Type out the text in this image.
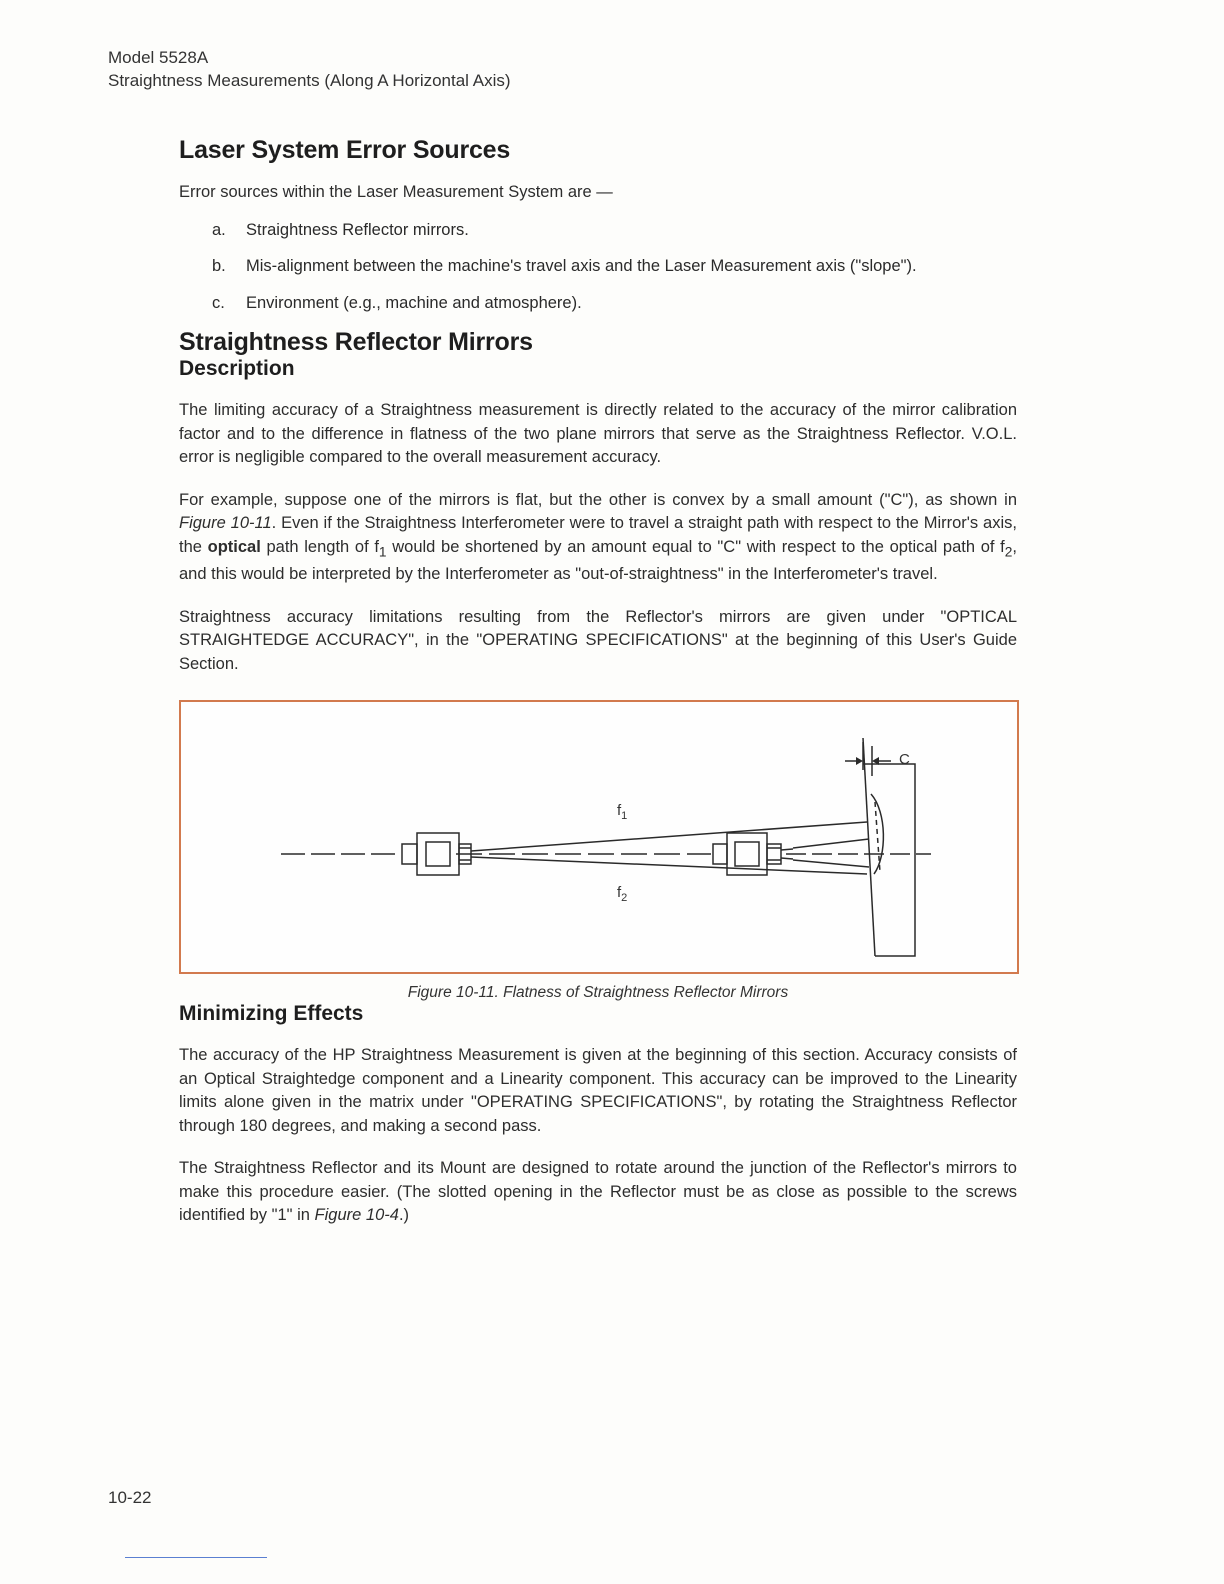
Model 5528A
Straightness Measurements (Along A Horizontal Axis)
Laser System Error Sources

Error sources within the Laser Measurement System are —

a.	Straightness Reflector mirrors.
b.	Mis-alignment between the machine's travel axis and the Laser Measurement axis ("slope").
c.	Environment (e.g., machine and atmosphere).
Straightness Reflector Mirrors
Description

The limiting accuracy of a Straightness measurement is directly related to the accuracy of the mirror calibration factor and to the difference in flatness of the two plane mirrors that serve as the Straightness Reflector. V.O.L. error is negligible compared to the overall measurement accuracy.

For example, suppose one of the mirrors is flat, but the other is convex by a small amount ("C"), as shown in Figure 10-11. Even if the Straightness Interferometer were to travel a straight path with respect to the Mirror's axis, the optical path length of $f_1$ would be shortened by an amount equal to "C" with respect to the optical path of $f_2$, and this would be interpreted by the Interferometer as "out-of-straightness" in the Interferometer's travel.

Straightness accuracy limitations resulting from the Reflector's mirrors are given under "OPTICAL STRAIGHTEDGE ACCURACY", in the "OPERATING SPECIFICATIONS" at the beginning of this User's Guide Section.

C
$f_1$
$f_2$
Figure 10-11. Flatness of Straightness Reflector Mirrors
Minimizing Effects

The accuracy of the HP Straightness Measurement is given at the beginning of this section. Accuracy consists of an Optical Straightedge component and a Linearity component. This accuracy can be improved to the Linearity limits alone given in the matrix under "OPERATING SPECIFICATIONS", by rotating the Straightness Reflector through 180 degrees, and making a second pass.

The Straightness Reflector and its Mount are designed to rotate around the junction of the Reflector's mirrors to make this procedure easier. (The slotted opening in the Reflector must be as close as possible to the screws identified by "1" in Figure 10-4.)

10-22
